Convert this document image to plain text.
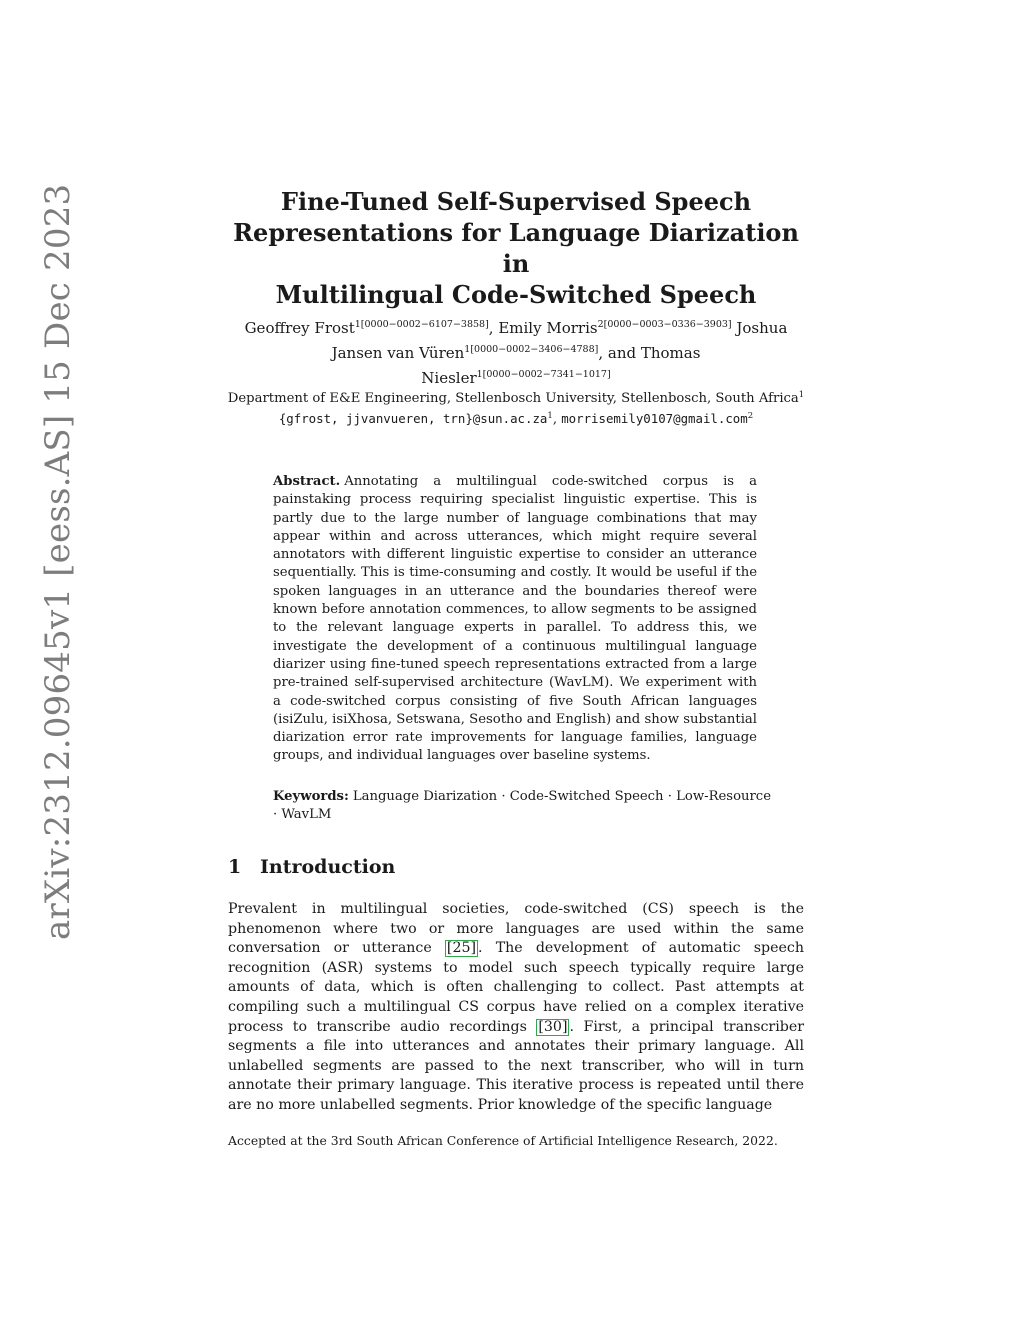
arXiv:2312.09645v1 [eess.AS] 15 Dec 2023	Fine-Tuned Self-Supervised Speech
Representations for Language Diarization in
Multilingual Code-Switched Speech
Geoffrey Frost$^{1[0000-0002-6107-3858]}$, Emily Morris$^{2[0000-0003-0336-3903]}$ Joshua
Jansen van Vüren$^{1[0000-0002-3406-4788]}$, and Thomas
Niesler$^{1[0000-0002-7341-1017]}$
Department of E&E Engineering, Stellenbosch University, Stellenbosch, South Africa$^1$
{gfrost, jjvanvueren, $trn\}@sun.ac.za^1$, morrisemily0107@gmail.com$^2$
Abstract. Annotating a multilingual code-switched corpus is a painstaking process requiring specialist linguistic expertise. This is partly due to the large number of language combinations that may appear within and across utterances, which might require several annotators with different linguistic expertise to consider an utterance sequentially. This is time-consuming and costly. It would be useful if the spoken languages in an utterance and the boundaries thereof were known before annotation commences, to allow segments to be assigned to the relevant language experts in parallel. To address this, we investigate the development of a continuous multilingual language diarizer using fine-tuned speech representations extracted from a large pre-trained self-supervised architecture (WavLM). We experiment with a code-switched corpus consisting of five South African languages (isiZulu, isiXhosa, Setswana, Sesotho and English) and show substantial diarization error rate improvements for language families, language groups, and individual languages over baseline systems.
Keywords: Language Diarization · Code-Switched Speech · Low-Resource · WavLM
1 Introduction
Prevalent in multilingual societies, code-switched (CS) speech is the phenomenon where two or more languages are used within the same conversation or utterance [25] . The development of automatic speech recognition (ASR) systems to model such speech typically require large amounts of data, which is often challenging to collect. Past attempts at compiling such a multilingual CS corpus have relied on a complex iterative process to transcribe audio recordings [30] . First, a principal transcriber segments a file into utterances and annotates their primary language. All unlabelled segments are passed to the next transcriber, who will in turn annotate their primary language. This iterative process is repeated until there are no more unlabelled segments. Prior knowledge of the specific language
Accepted at the 3rd South African Conference of Artificial Intelligence Research, 2022.
